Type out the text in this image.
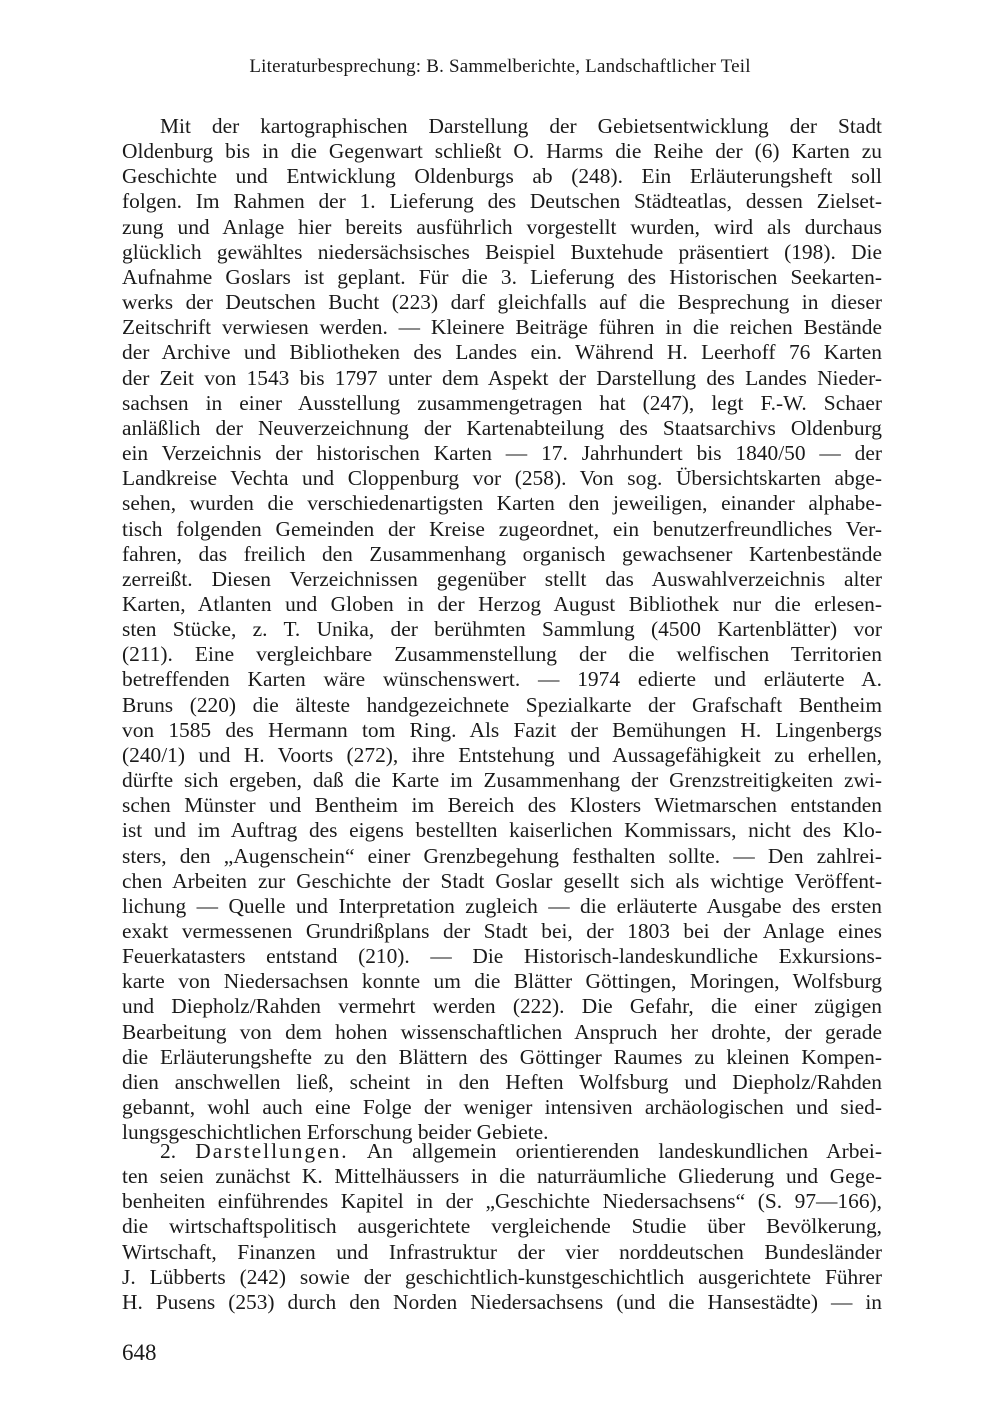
Literaturbesprechung: B. Sammelberichte, Landschaftlicher Teil
Mit der kartographischen Darstellung der Gebietsentwicklung der Stadt
Oldenburg bis in die Gegenwart schließt O. Harms die Reihe der (6) Karten zu
Geschichte und Entwicklung Oldenburgs ab (248). Ein Erläuterungsheft soll
folgen. Im Rahmen der 1. Lieferung des Deutschen Städteatlas, dessen Zielset-
zung und Anlage hier bereits ausführlich vorgestellt wurden, wird als durchaus
glücklich gewähltes niedersächsisches Beispiel Buxtehude präsentiert (198). Die
Aufnahme Goslars ist geplant. Für die 3. Lieferung des Historischen Seekarten-
werks der Deutschen Bucht (223) darf gleichfalls auf die Besprechung in dieser
Zeitschrift verwiesen werden. — Kleinere Beiträge führen in die reichen Bestände
der Archive und Bibliotheken des Landes ein. Während H. Leerhoff 76 Karten
der Zeit von 1543 bis 1797 unter dem Aspekt der Darstellung des Landes Nieder-
sachsen in einer Ausstellung zusammengetragen hat (247), legt F.-W. Schaer
anläßlich der Neuverzeichnung der Kartenabteilung des Staatsarchivs Oldenburg
ein Verzeichnis der historischen Karten — 17. Jahrhundert bis 1840/50 — der
Landkreise Vechta und Cloppenburg vor (258). Von sog. Übersichtskarten abge-
sehen, wurden die verschiedenartigsten Karten den jeweiligen, einander alphabe-
tisch folgenden Gemeinden der Kreise zugeordnet, ein benutzerfreundliches Ver-
fahren, das freilich den Zusammenhang organisch gewachsener Kartenbestände
zerreißt. Diesen Verzeichnissen gegenüber stellt das Auswahlverzeichnis alter
Karten, Atlanten und Globen in der Herzog August Bibliothek nur die erlesen-
sten Stücke, z. T. Unika, der berühmten Sammlung (4500 Kartenblätter) vor
(211). Eine vergleichbare Zusammenstellung der die welfischen Territorien
betreffenden Karten wäre wünschenswert. — 1974 edierte und erläuterte A.
Bruns (220) die älteste handgezeichnete Spezialkarte der Grafschaft Bentheim
von 1585 des Hermann tom Ring. Als Fazit der Bemühungen H. Lingenbergs
(240/1) und H. Voorts (272), ihre Entstehung und Aussagefähigkeit zu erhellen,
dürfte sich ergeben, daß die Karte im Zusammenhang der Grenzstreitigkeiten zwi-
schen Münster und Bentheim im Bereich des Klosters Wietmarschen entstanden
ist und im Auftrag des eigens bestellten kaiserlichen Kommissars, nicht des Klo-
sters, den „Augenschein“ einer Grenzbegehung festhalten sollte. — Den zahlrei-
chen Arbeiten zur Geschichte der Stadt Goslar gesellt sich als wichtige Veröffent-
lichung — Quelle und Interpretation zugleich — die erläuterte Ausgabe des ersten
exakt vermessenen Grundrißplans der Stadt bei, der 1803 bei der Anlage eines
Feuerkatasters entstand (210). — Die Historisch-landeskundliche Exkursions-
karte von Niedersachsen konnte um die Blätter Göttingen, Moringen, Wolfsburg
und Diepholz/Rahden vermehrt werden (222). Die Gefahr, die einer zügigen
Bearbeitung von dem hohen wissenschaftlichen Anspruch her drohte, der gerade
die Erläuterungshefte zu den Blättern des Göttinger Raumes zu kleinen Kompen-
dien anschwellen ließ, scheint in den Heften Wolfsburg und Diepholz/Rahden
gebannt, wohl auch eine Folge der weniger intensiven archäologischen und sied-
lungsgeschichtlichen Erforschung beider Gebiete.
2. Darstellungen. An allgemein orientierenden landeskundlichen Arbei-
ten seien zunächst K. Mittelhäussers in die naturräumliche Gliederung und Gege-
benheiten einführendes Kapitel in der „Geschichte Niedersachsens“ (S. 97—166),
die wirtschaftspolitisch ausgerichtete vergleichende Studie über Bevölkerung,
Wirtschaft, Finanzen und Infrastruktur der vier norddeutschen Bundesländer
J. Lübberts (242) sowie der geschichtlich-kunstgeschichtlich ausgerichtete Führer
H. Pusens (253) durch den Norden Niedersachsens (und die Hansestädte) — in
648
